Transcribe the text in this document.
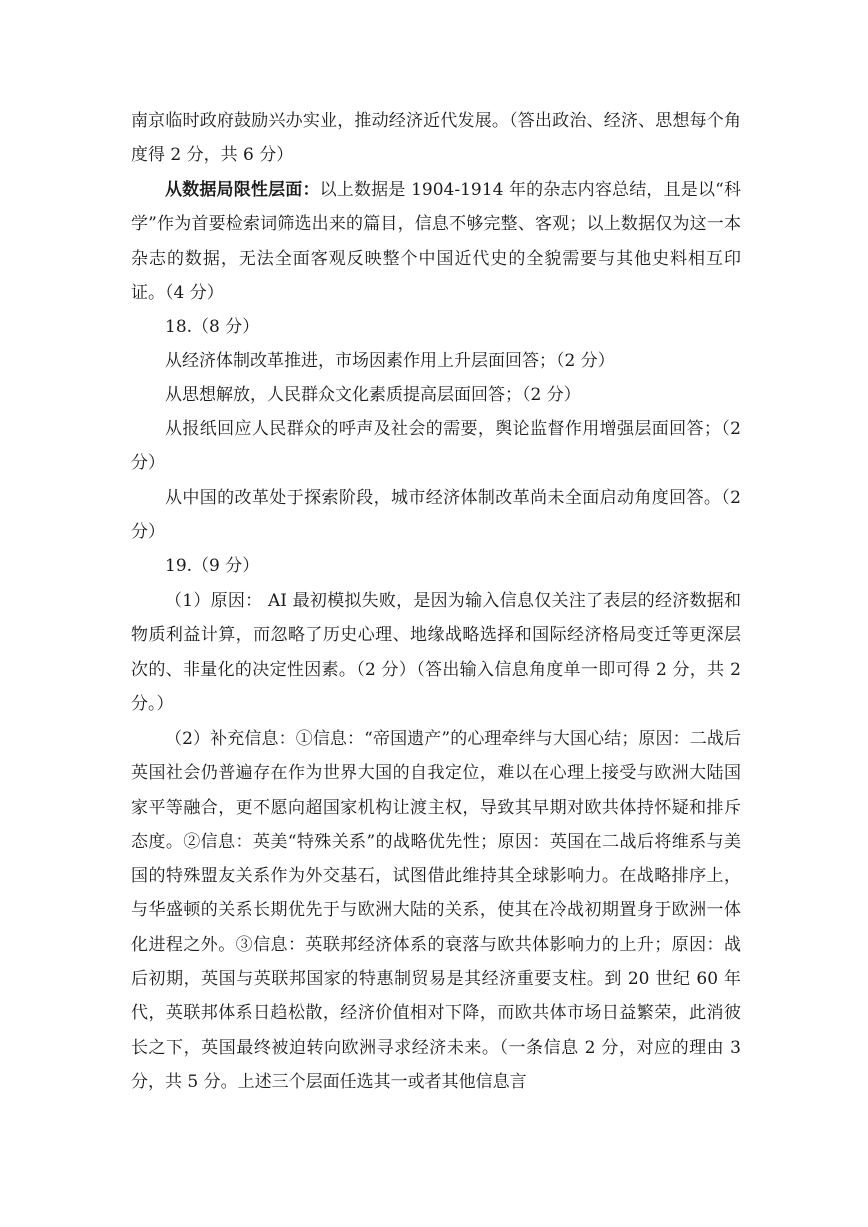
南京临时政府鼓励兴办实业，推动经济近代发展。（答出政治、经济、思想每个角度得 2 分，共 6 分）

从数据局限性层面：以上数据是 1904-1914 年的杂志内容总结，且是以“科学”作为首要检索词筛选出来的篇目，信息不够完整、客观；以上数据仅为这一本杂志的数据，无法全面客观反映整个中国近代史的全貌需要与其他史料相互印证。（4 分）

18.（8 分）

从经济体制改革推进，市场因素作用上升层面回答；（2 分）

从思想解放，人民群众文化素质提高层面回答；（2 分）

从报纸回应人民群众的呼声及社会的需要，舆论监督作用增强层面回答；（2 分）

从中国的改革处于探索阶段，城市经济体制改革尚未全面启动角度回答。（2 分）

19.（9 分）

（1）原因： AI 最初模拟失败，是因为输入信息仅关注了表层的经济数据和物质利益计算，而忽略了历史心理、地缘战略选择和国际经济格局变迁等更深层次的、非量化的决定性因素。（2 分）（答出输入信息角度单一即可得 2 分，共 2 分。）

（2）补充信息：①信息：“帝国遗产”的心理牵绊与大国心结；原因：二战后英国社会仍普遍存在作为世界大国的自我定位，难以在心理上接受与欧洲大陆国家平等融合，更不愿向超国家机构让渡主权，导致其早期对欧共体持怀疑和排斥态度。②信息：英美“特殊关系”的战略优先性；原因：英国在二战后将维系与美国的特殊盟友关系作为外交基石，试图借此维持其全球影响力。在战略排序上，与华盛顿的关系长期优先于与欧洲大陆的关系，使其在冷战初期置身于欧洲一体化进程之外。③信息：英联邦经济体系的衰落与欧共体影响力的上升；原因：战后初期，英国与英联邦国家的特惠制贸易是其经济重要支柱。到 20 世纪 60 年代，英联邦体系日趋松散，经济价值相对下降，而欧共体市场日益繁荣，此消彼长之下，英国最终被迫转向欧洲寻求经济未来。（一条信息 2 分，对应的理由 3 分，共 5 分。上述三个层面任选其一或者其他信息言
